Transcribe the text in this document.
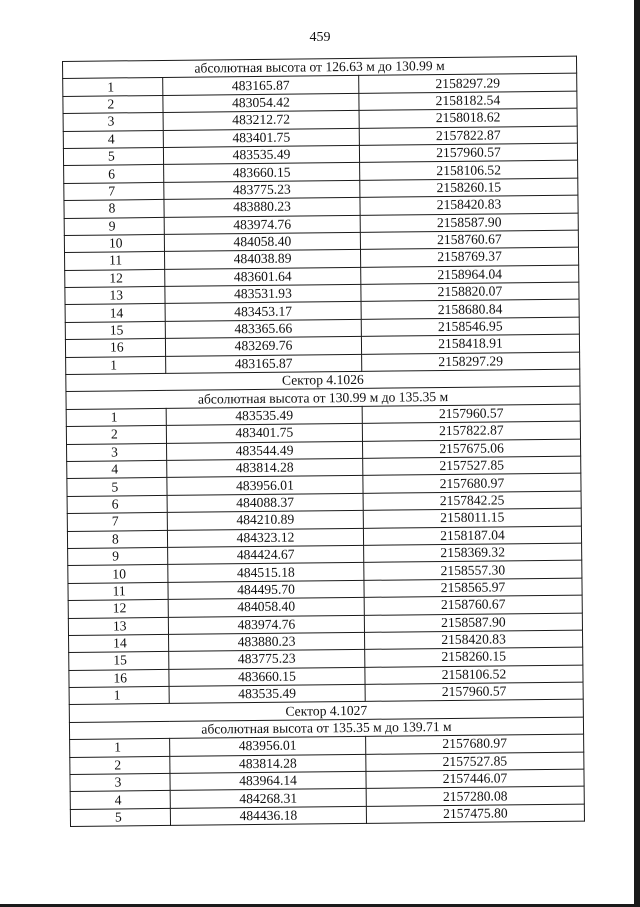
459
абсолютная высота от 126.63 м до 130.99 м		
1	483165.87	2158297.29
2	483054.42	2158182.54
3	483212.72	2158018.62
4	483401.75	2157822.87
5	483535.49	2157960.57
6	483660.15	2158106.52
7	483775.23	2158260.15
8	483880.23	2158420.83
9	483974.76	2158587.90
10	484058.40	2158760.67
11	484038.89	2158769.37
12	483601.64	2158964.04
13	483531.93	2158820.07
14	483453.17	2158680.84
15	483365.66	2158546.95
16	483269.76	2158418.91
1	483165.87	2158297.29
Сектор 4.1026		
абсолютная высота от 130.99 м до 135.35 м		
1	483535.49	2157960.57
2	483401.75	2157822.87
3	483544.49	2157675.06
4	483814.28	2157527.85
5	483956.01	2157680.97
6	484088.37	2157842.25
7	484210.89	2158011.15
8	484323.12	2158187.04
9	484424.67	2158369.32
10	484515.18	2158557.30
11	484495.70	2158565.97
12	484058.40	2158760.67
13	483974.76	2158587.90
14	483880.23	2158420.83
15	483775.23	2158260.15
16	483660.15	2158106.52
1	483535.49	2157960.57
Сектор 4.1027		
абсолютная высота от 135.35 м до 139.71 м		
1	483956.01	2157680.97
2	483814.28	2157527.85
3	483964.14	2157446.07
4	484268.31	2157280.08
5	484436.18	2157475.80
